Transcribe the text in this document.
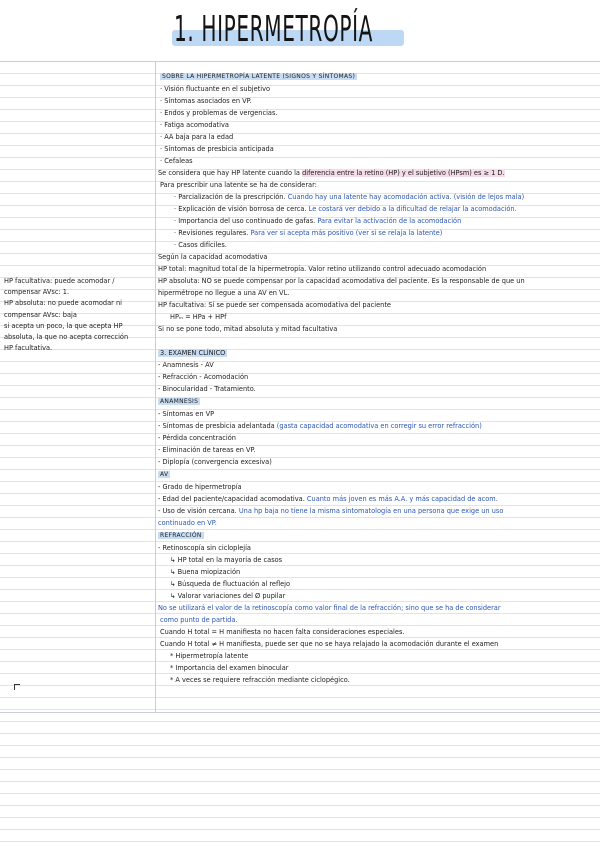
1. HIPERMETROPÍA

HP facultativa: puede acomodar /

compensar AVsc: 1.

HP absoluta: no puede acomodar ni

compensar AVsc: baja

si acepta un poco, la que acepta HP

absoluta, la que no acepta corrección

HP facultativa.

SOBRE LA HIPERMETROPÍA LATENTE (SIGNOS Y SÍNTOMAS)

· Visión fluctuante en el subjetivo

· Síntomas asociados en VP.

· Endos y problemas de vergencias.

· Fatiga acomodativa

· AA baja para la edad

· Síntomas de presbicia anticipada

· Cefaleas

Se considera que hay HP latente cuando la diferencia entre la retino (HP) y el subjetivo (HPsm) es ≥ 1 D.

Para prescribir una latente se ha de considerar:

· Parcialización de la prescripción. Cuando hay una latente hay acomodación activa. (visión de lejos mala)

· Explicación de visión borrosa de cerca. Le costará ver debido a la dificultad de relajar la acomodación.

· Importancia del uso continuado de gafas. Para evitar la activación de la acomodación

· Revisiones regulares. Para ver si acepta más positivo (ver si se relaja la latente)

· Casos difíciles.

Según la capacidad acomodativa

HP total: magnitud total de la hipermetropía. Valor retino utilizando control adecuado acomodación

HP absoluta: NO se puede compensar por la capacidad acomodativa del paciente. Es la responsable de que un

hipermétrope no llegue a una AV en VL.

HP facultativa: Sí se puede ser compensada acomodativa del paciente

HPₘ = HPa + HPf

Si no se pone todo, mitad absoluta y mitad facultativa

3. EXAMEN CLÍNICO

- Anamnesis - AV

- Refracción - Acomodación

- Binocularidad - Tratamiento.

ANAMNESIS

- Síntomas en VP

- Síntomas de presbicia adelantada (gasta capacidad acomodativa en corregir su error refracción)

- Pérdida concentración

- Eliminación de tareas en VP.

- Diplopía (convergencia excesiva)

AV

- Grado de hipermetropía

- Edad del paciente/capacidad acomodativa. Cuanto más joven es más A.A. y más capacidad de acom.

- Uso de visión cercana. Una hp baja no tiene la misma sintomatología en una persona que exige un uso

continuado en VP.

REFRACCIÓN

- Retinoscopía sin cicloplejía

↳ HP total en la mayoría de casos

↳ Buena miopización

↳ Búsqueda de fluctuación al reflejo

↳ Valorar variaciones del Ø pupilar

No se utilizará el valor de la retinoscopía como valor final de la refracción; sino que se ha de considerar

como punto de partida.

Cuando H total = H manifiesta no hacen falta consideraciones especiales.

Cuando H total ≠ H manifiesta, puede ser que no se haya relajado la acomodación durante el examen

* Hipermetropía latente

* Importancia del examen binocular

* A veces se requiere refracción mediante ciclopégico.
